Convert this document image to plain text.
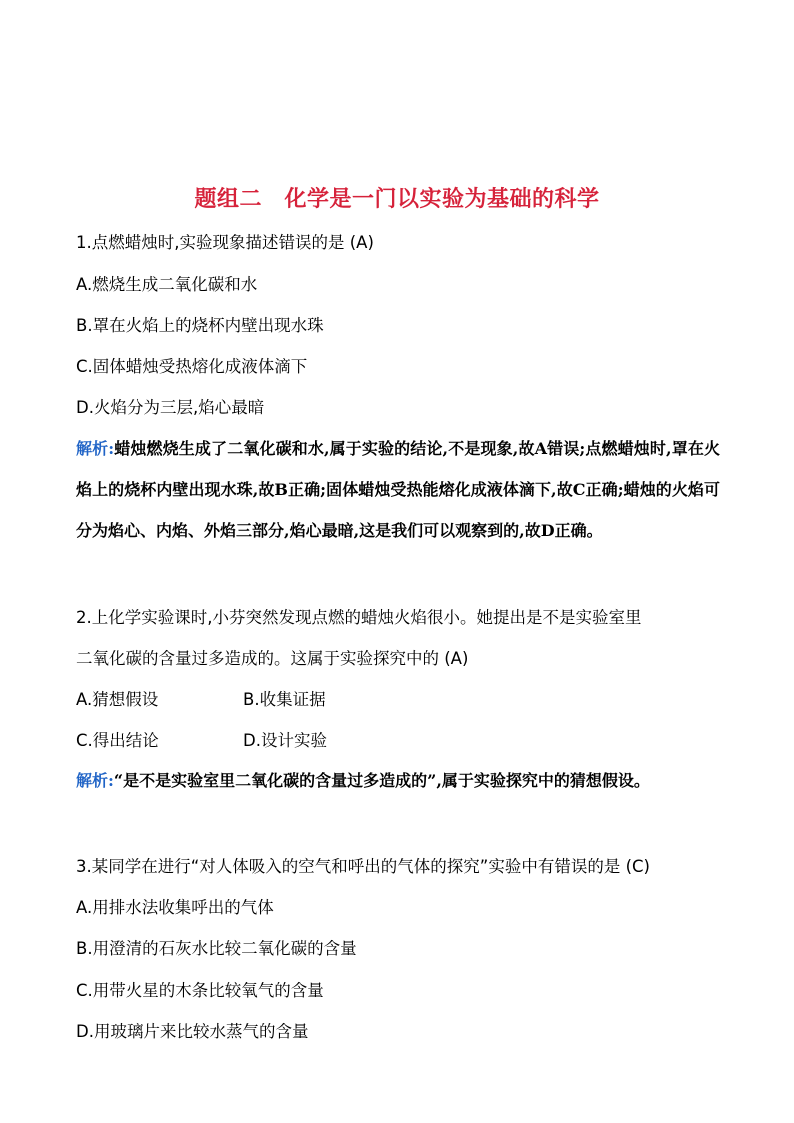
题组二　化学是一门以实验为基础的科学
1.点燃蜡烛时,实验现象描述错误的是 (A)
A.燃烧生成二氧化碳和水
B.罩在火焰上的烧杯内壁出现水珠
C.固体蜡烛受热熔化成液体滴下
D.火焰分为三层,焰心最暗
解析:蜡烛燃烧生成了二氧化碳和水,属于实验的结论,不是现象,故A错误;点燃蜡烛时,罩在火焰上的烧杯内壁出现水珠,故B正确;固体蜡烛受热能熔化成液体滴下,故C正确;蜡烛的火焰可分为焰心、内焰、外焰三部分,焰心最暗,这是我们可以观察到的,故D正确。
2.上化学实验课时,小芬突然发现点燃的蜡烛火焰很小。她提出是不是实验室里
二氧化碳的含量过多造成的。这属于实验探究中的 (A)
A.猜想假设	B.收集证据
C.得出结论	D.设计实验
解析:“是不是实验室里二氧化碳的含量过多造成的”,属于实验探究中的猜想假设。
3.某同学在进行“对人体吸入的空气和呼出的气体的探究”实验中有错误的是 (C)
A.用排水法收集呼出的气体
B.用澄清的石灰水比较二氧化碳的含量
C.用带火星的木条比较氧气的含量
D.用玻璃片来比较水蒸气的含量
